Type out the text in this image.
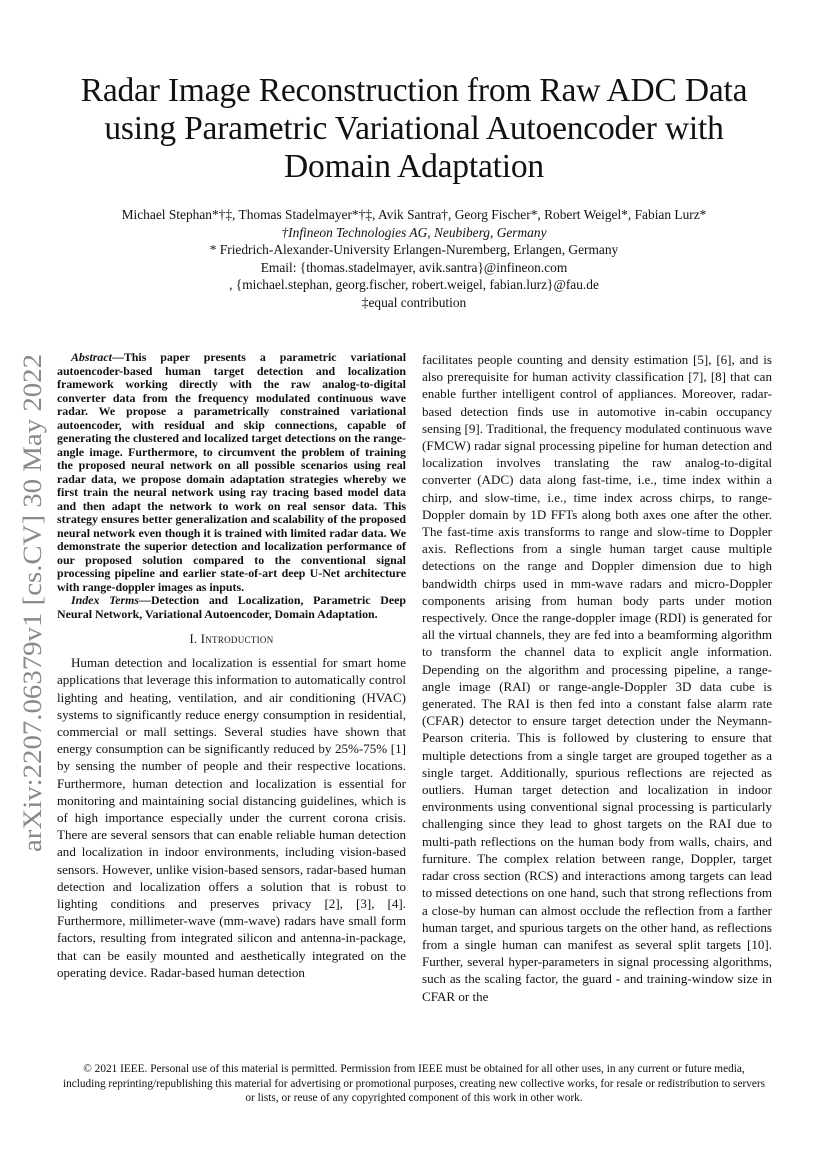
Radar Image Reconstruction from Raw ADC Data
using Parametric Variational Autoencoder with
Domain Adaptation
Michael Stephan*†‡, Thomas Stadelmayer*†‡, Avik Santra†, Georg Fischer*, Robert Weigel*, Fabian Lurz*
†Infineon Technologies AG, Neubiberg, Germany
* Friedrich-Alexander-University Erlangen-Nuremberg, Erlangen, Germany
Email: {thomas.stadelmayer, avik.santra}@infineon.com
, {michael.stephan, georg.fischer, robert.weigel, fabian.lurz}@fau.de
‡equal contribution
arXiv:2207.06379v1 [cs.CV] 30 May 2022

Abstract—This paper presents a parametric variational autoencoder-based human target detection and localization framework working directly with the raw analog-to-digital converter data from the frequency modulated continuous wave radar. We propose a parametrically constrained variational autoencoder, with residual and skip connections, capable of generating the clustered and localized target detections on the range-angle image. Furthermore, to circumvent the problem of training the proposed neural network on all possible scenarios using real radar data, we propose domain adaptation strategies whereby we first train the neural network using ray tracing based model data and then adapt the network to work on real sensor data. This strategy ensures better generalization and scalability of the proposed neural network even though it is trained with limited radar data. We demonstrate the superior detection and localization performance of our proposed solution compared to the conventional signal processing pipeline and earlier state-of-art deep U-Net architecture with range-doppler images as inputs.

Index Terms—Detection and Localization, Parametric Deep Neural Network, Variational Autoencoder, Domain Adaptation.

I. Introduction

Human detection and localization is essential for smart home applications that leverage this information to automatically control lighting and heating, ventilation, and air conditioning (HVAC) systems to significantly reduce energy consumption in residential, commercial or mall settings. Several studies have shown that energy consumption can be significantly reduced by 25%-75% [1] by sensing the number of people and their respective locations. Furthermore, human detection and localization is essential for monitoring and maintaining social distancing guidelines, which is of high importance especially under the current corona crisis. There are several sensors that can enable reliable human detection and localization in indoor environments, including vision-based sensors. However, unlike vision-based sensors, radar-based human detection and localization offers a solution that is robust to lighting conditions and preserves privacy [2], [3], [4]. Furthermore, millimeter-wave (mm-wave) radars have small form factors, resulting from integrated silicon and antenna-in-package, that can be easily mounted and aesthetically integrated on the operating device. Radar-based human detection

facilitates people counting and density estimation [5], [6], and is also prerequisite for human activity classification [7], [8] that can enable further intelligent control of appliances. Moreover, radar-based detection finds use in automotive in-cabin occupancy sensing [9]. Traditional, the frequency modulated continuous wave (FMCW) radar signal processing pipeline for human detection and localization involves translating the raw analog-to-digital converter (ADC) data along fast-time, i.e., time index within a chirp, and slow-time, i.e., time index across chirps, to range-Doppler domain by 1D FFTs along both axes one after the other. The fast-time axis transforms to range and slow-time to Doppler axis. Reflections from a single human target cause multiple detections on the range and Doppler dimension due to high bandwidth chirps used in mm-wave radars and micro-Doppler components arising from human body parts under motion respectively. Once the range-doppler image (RDI) is generated for all the virtual channels, they are fed into a beamforming algorithm to transform the channel data to explicit angle information. Depending on the algorithm and processing pipeline, a range-angle image (RAI) or range-angle-Doppler 3D data cube is generated. The RAI is then fed into a constant false alarm rate (CFAR) detector to ensure target detection under the Neymann-Pearson criteria. This is followed by clustering to ensure that multiple detections from a single target are grouped together as a single target. Additionally, spurious reflections are rejected as outliers. Human target detection and localization in indoor environments using conventional signal processing is particularly challenging since they lead to ghost targets on the RAI due to multi-path reflections on the human body from walls, chairs, and furniture. The complex relation between range, Doppler, target radar cross section (RCS) and interactions among targets can lead to missed detections on one hand, such that strong reflections from a close-by human can almost occlude the reflection from a farther human target, and spurious targets on the other hand, as reflections from a single human can manifest as several split targets [10]. Further, several hyper-parameters in signal processing algorithms, such as the scaling factor, the guard - and training-window size in CFAR or the

© 2021 IEEE. Personal use of this material is permitted. Permission from IEEE must be obtained for all other uses, in any current or future media,
including reprinting/republishing this material for advertising or promotional purposes, creating new collective works, for resale or redistribution to servers
or lists, or reuse of any copyrighted component of this work in other work.
